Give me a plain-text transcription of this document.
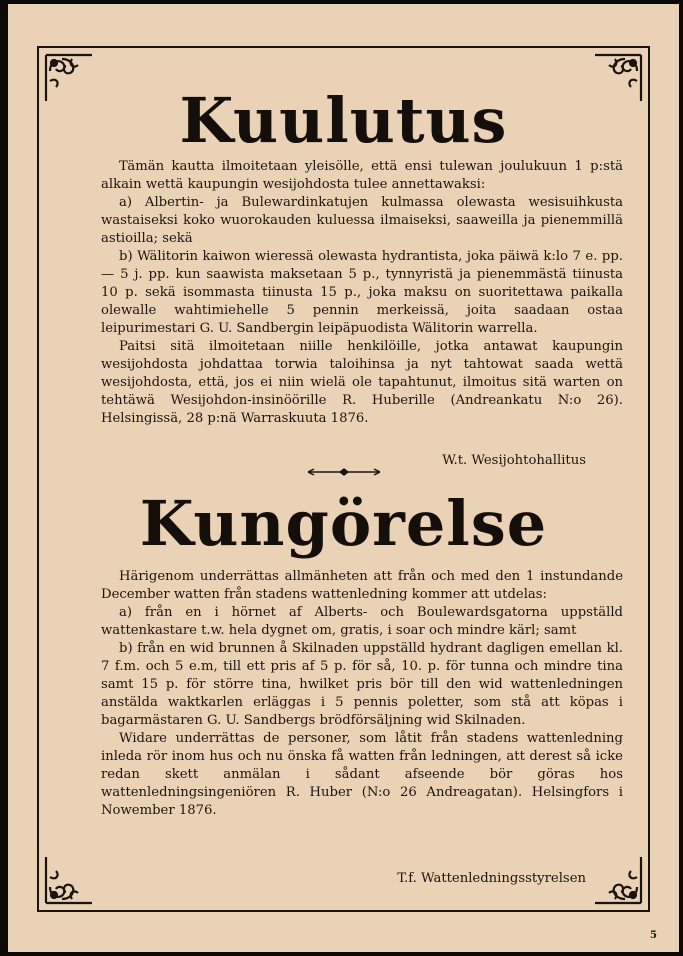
Kuulutus

Tämän kautta ilmoitetaan yleisölle, että ensi tulewan joulukuun 1 p:stä alkain wettä kaupungin wesijohdosta tulee annettawaksi:

a) Albertin- ja Bulewardinkatujen kulmassa olewasta wesisuihkusta wastaiseksi koko wuorokauden kuluessa ilmaiseksi, saaweilla ja pienemmillä astioilla; sekä

b) Wälitorin kaiwon wieressä olewasta hydrantista, joka päiwä k:lo 7 e. pp. — 5 j. pp. kun saawista maksetaan 5 p., tynnyristä ja pienemmästä tiinusta 10 p. sekä isommasta tiinusta 15 p., joka maksu on suoritettawa paikalla olewalle wahtimiehelle 5 pennin merkeissä, joita saadaan ostaa leipurimestari G. U. Sandbergin leipäpuodista Wälitorin warrella.

Paitsi sitä ilmoitetaan niille henkilöille, jotka antawat kaupungin wesijohdosta johdattaa torwia taloihinsa ja nyt tahtowat saada wettä wesijohdosta, että, jos ei niin wielä ole tapahtunut, ilmoitus sitä warten on tehtäwä Wesijohdon-insinöörille R. Huberille (Andreankatu N:o 26). Helsingissä, 28 p:nä Warraskuuta 1876.

W.t. Wesijohtohallitus
Kungörelse

Härigenom underrättas allmänheten att från och med den 1 instundande December watten från stadens wattenledning kommer att utdelas:

a) från en i hörnet af Alberts- och Boulewardsgatorna uppställd wattenkastare t.w. hela dygnet om, gratis, i soar och mindre kärl; samt

b) från en wid brunnen å Skilnaden uppställd hydrant dagligen emellan kl. 7 f.m. och 5 e.m, till ett pris af 5 p. för så, 10. p. för tunna och mindre tina samt 15 p. för större tina, hwilket pris bör till den wid wattenledningen anstälda waktkarlen erläggas i 5 pennis poletter, som stå att köpas i bagarmästaren G. U. Sandbergs brödförsäljning wid Skilnaden.

Widare underrättas de personer, som låtit från stadens wattenledning inleda rör inom hus och nu önska få watten från ledningen, att derest så icke redan skett anmälan i sådant afseende bör göras hos wattenledningsingeniören R. Huber (N:o 26 Andreagatan). Helsingfors i Nowember 1876.

T.f. Wattenledningsstyrelsen
5
